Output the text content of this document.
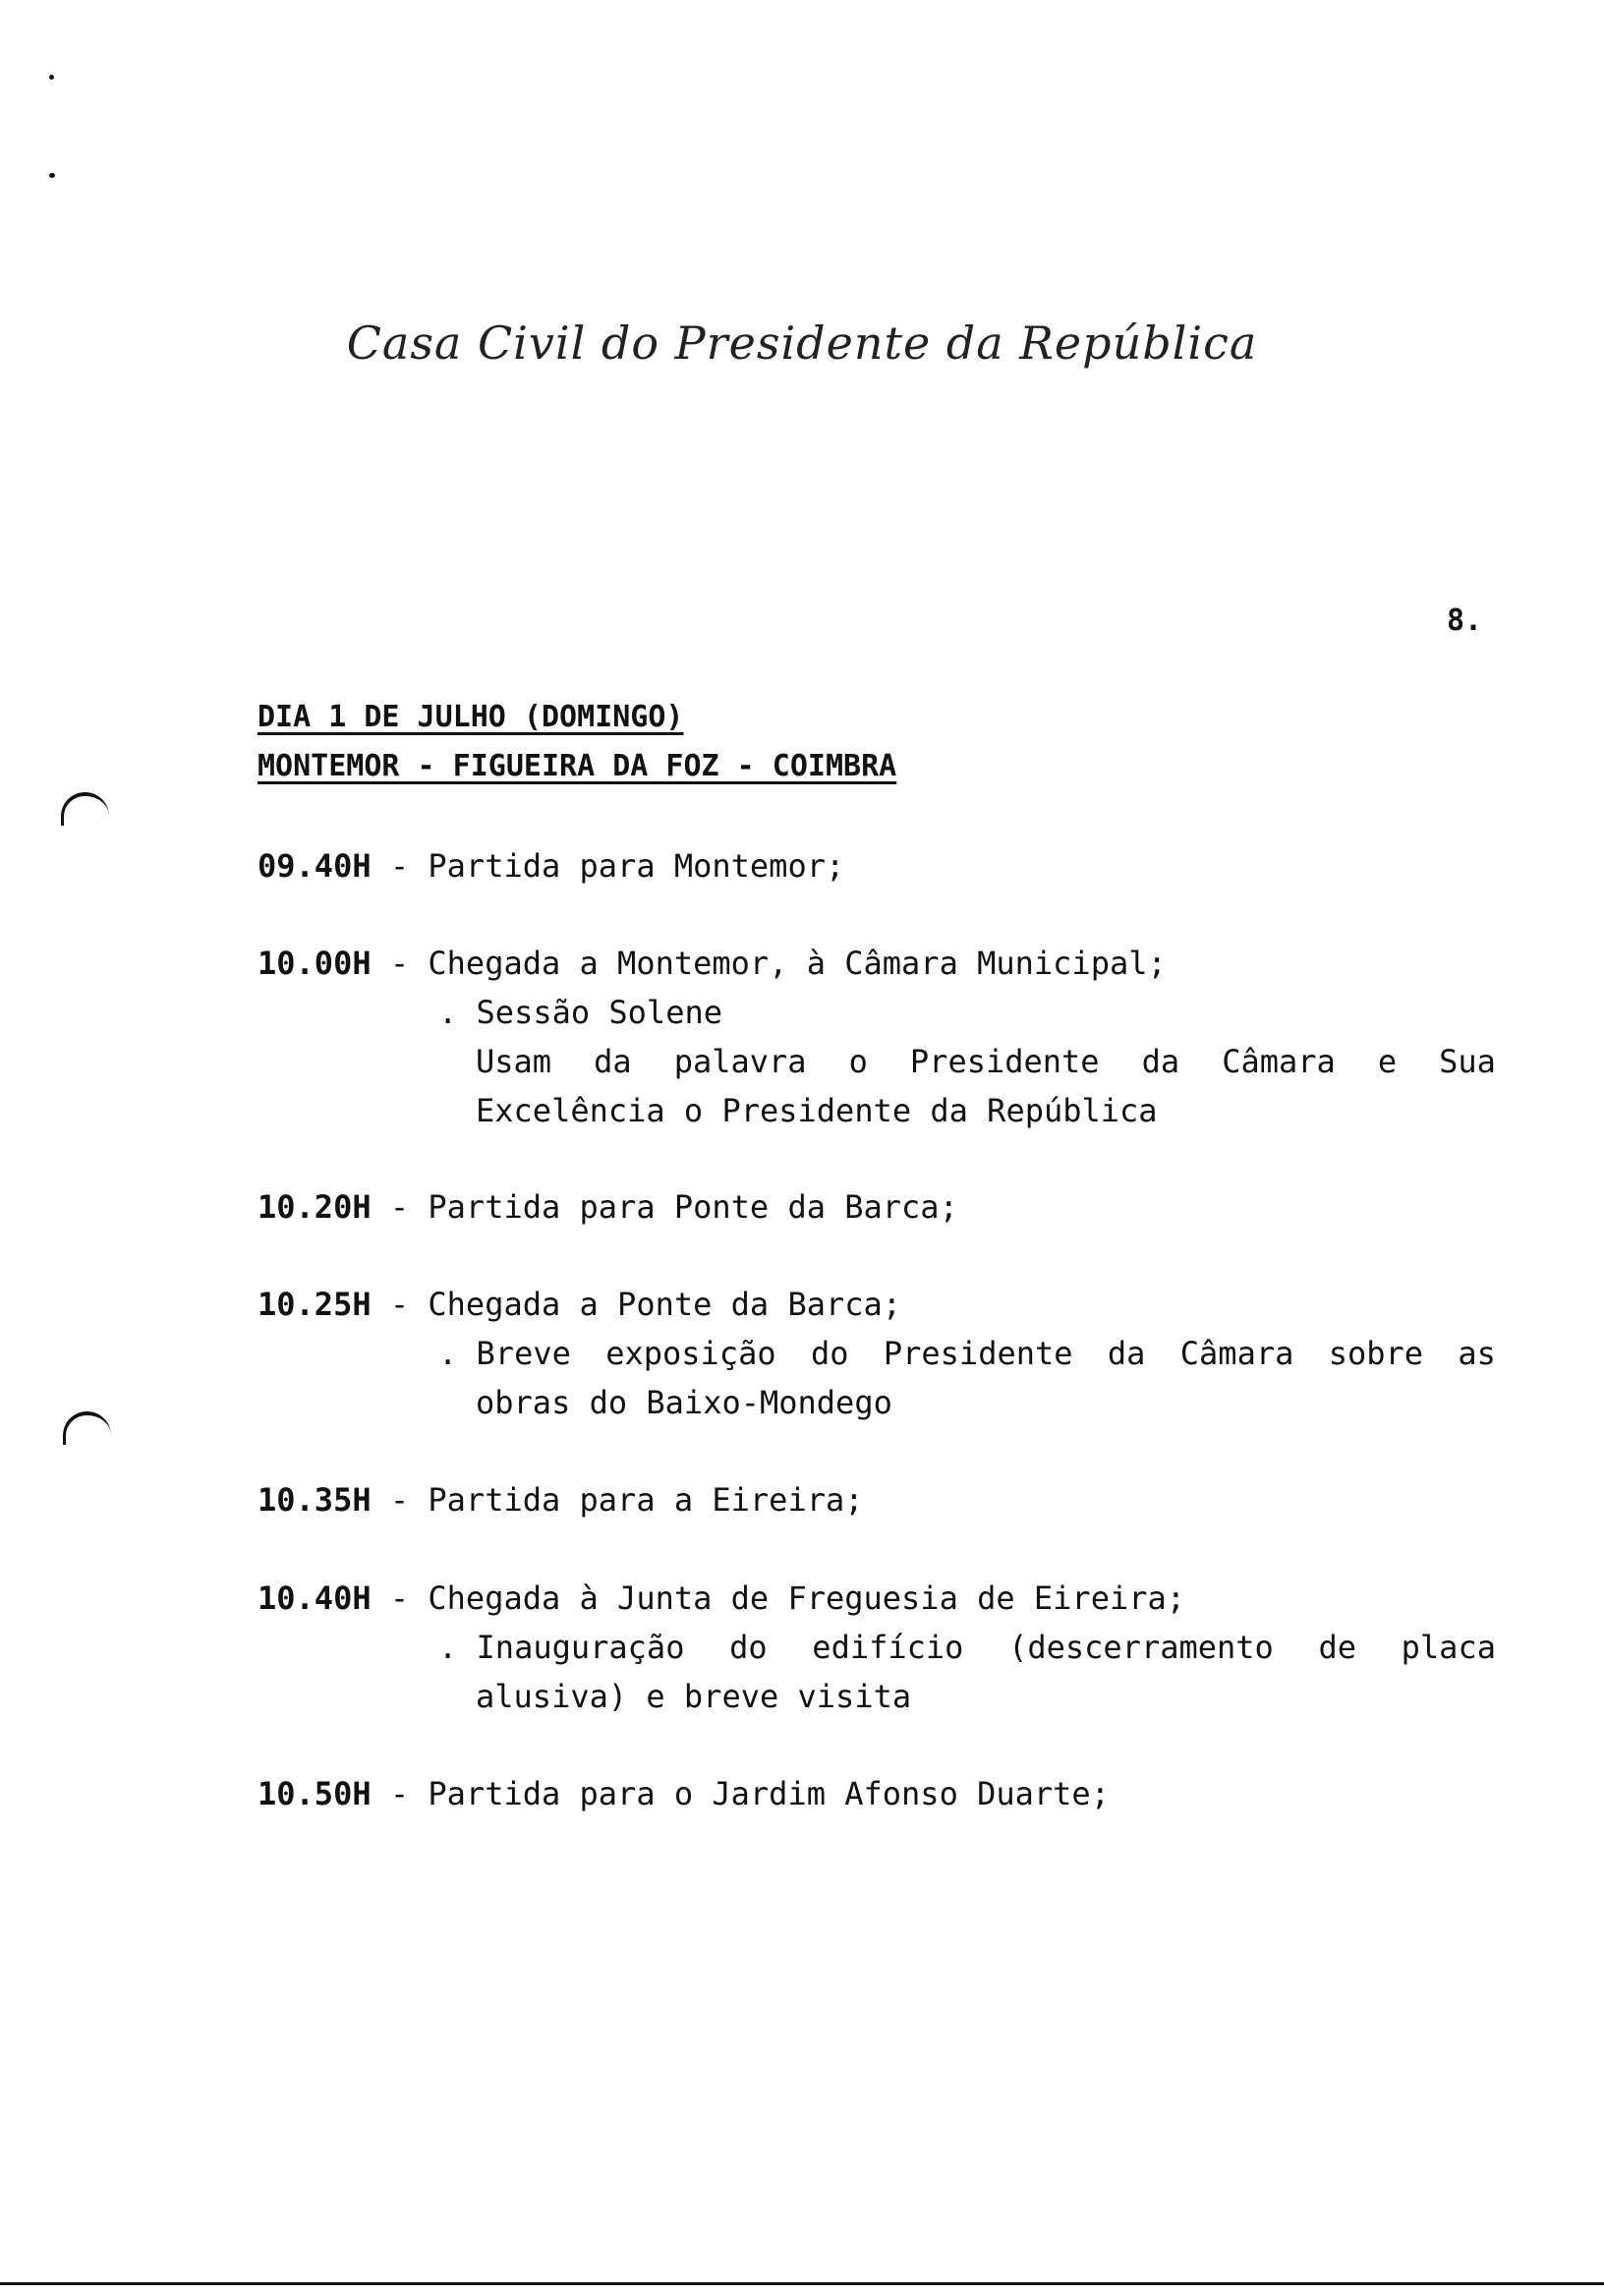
Casa Civil do Presidente da República
8.
DIA 1 DE JULHO (DOMINGO)
MONTEMOR - FIGUEIRA DA FOZ - COIMBRA
09.40H - Partida para Montemor;
10.00H - Chegada a Montemor, à Câmara Municipal;
. Sessão Solene
Usam da palavra o Presidente da Câmara e Sua
Excelência o Presidente da República
10.20H - Partida para Ponte da Barca;
10.25H - Chegada a Ponte da Barca;
. Breve exposição do Presidente da Câmara sobre as
obras do Baixo-Mondego
10.35H - Partida para a Eireira;
10.40H - Chegada à Junta de Freguesia de Eireira;
. Inauguração do edifício (descerramento de placa
alusiva) e breve visita
10.50H - Partida para o Jardim Afonso Duarte;
